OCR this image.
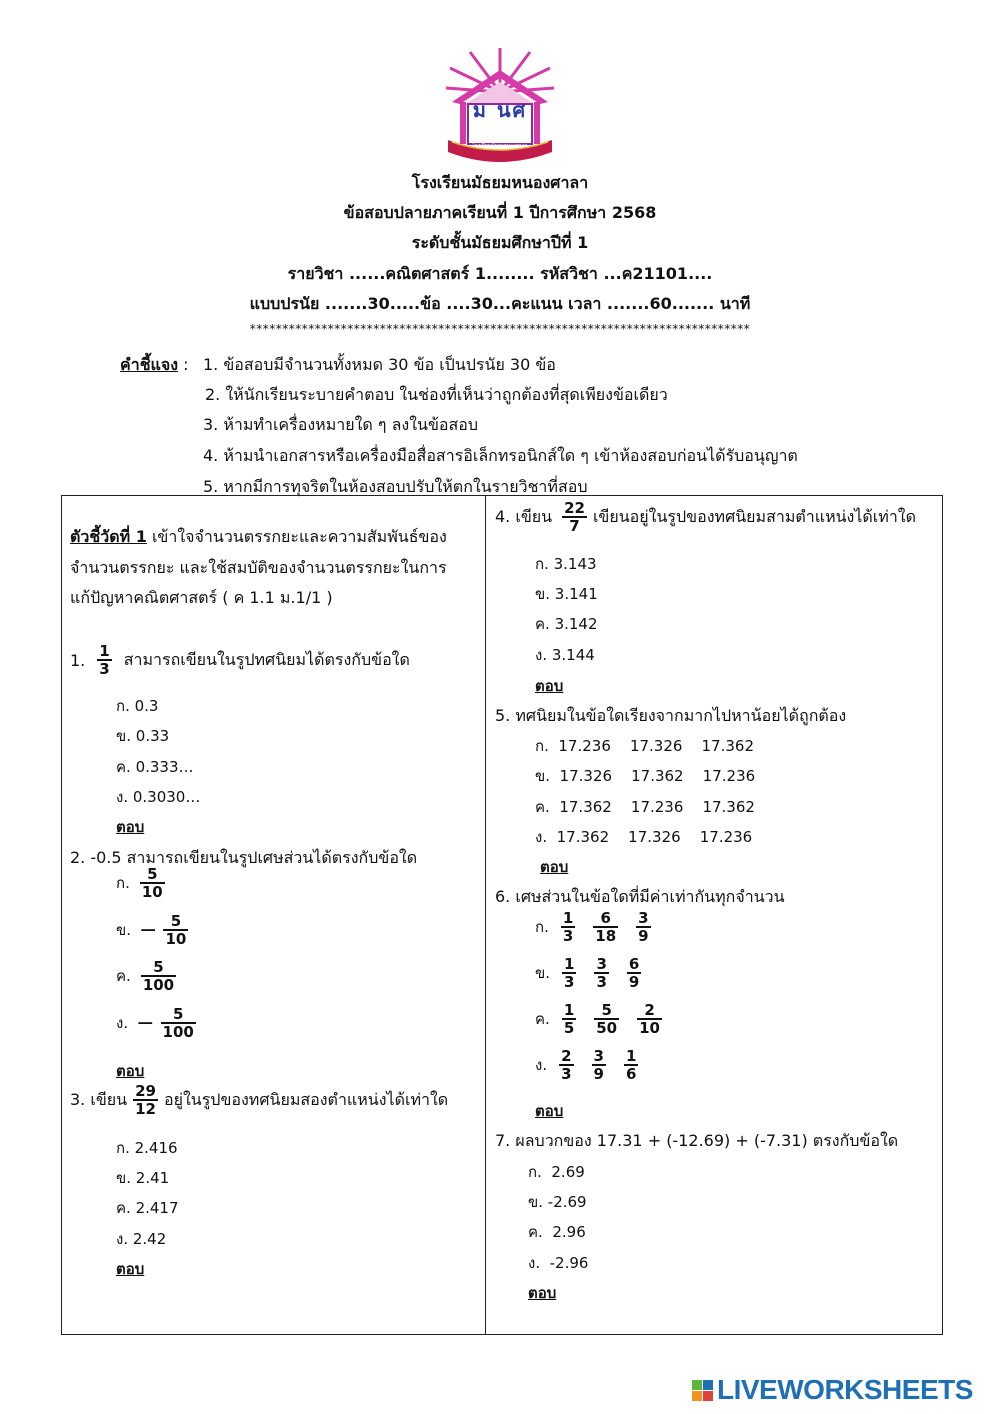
ม นศ
โรงเรียนมัธยมหนองศาลา
โรงเรียนมัธยมหนองศาลา
ข้อสอบปลายภาคเรียนที่ 1 ปีการศึกษา 2568
ระดับชั้นมัธยมศึกษาปีที่ 1
รายวิชา ......คณิตศาสตร์ 1........ รหัสวิชา ...ค21101....
แบบปรนัย .......30.....ข้อ ....30...คะแนน เวลา .......60....... นาที
*****************************************************************************
คำชี้แจง : 1. ข้อสอบมีจำนวนทั้งหมด 30 ข้อ เป็นปรนัย 30 ข้อ
2. ให้นักเรียนระบายคำตอบ ในช่องที่เห็นว่าถูกต้องที่สุดเพียงข้อเดียว
3. ห้ามทำเครื่องหมายใด ๆ ลงในข้อสอบ
4. ห้ามนำเอกสารหรือเครื่องมือสื่อสารอิเล็กทรอนิกส์ใด ๆ เข้าห้องสอบก่อนได้รับอนุญาต
5. หากมีการทุจริตในห้องสอบปรับให้ตกในรายวิชาที่สอบ
ตัวชี้วัดที่ 1 เข้าใจจำนวนตรรกยะและความสัมพันธ์ของ
จำนวนตรรกยะ และใช้สมบัติของจำนวนตรรกยะในการ
แก้ปัญหาคณิตศาสตร์ ( ค 1.1 ม.1/1 )
1. $\frac{1}{3}$ สามารถเขียนในรูปทศนิยมได้ตรงกับข้อใด
ก. 0.3
ข. 0.33
ค. 0.333…
ง. 0.3030…
ตอบ
2. -0.5 สามารถเขียนในรูปเศษส่วนได้ตรงกับข้อใด
ก. $\frac{5}{10}$
ข. − $\frac{5}{10}$
ค. $\frac{5}{100}$
ง. − $\frac{5}{100}$
ตอบ
3. เขียน $\frac{29}{12}$ อยู่ในรูปของทศนิยมสองตำแหน่งได้เท่าใด
ก. 2.416
ข. 2.41
ค. 2.417
ง. 2.42
ตอบ
4. เขียน $\frac{22}{7}$ เขียนอยู่ในรูปของทศนิยมสามตำแหน่งได้เท่าใด
ก. 3.143
ข. 3.141
ค. 3.142
ง. 3.144
ตอบ
5. ทศนิยมในข้อใดเรียงจากมากไปหาน้อยได้ถูกต้อง
ก.  17.236    17.326    17.362
ข.  17.326    17.362    17.236
ค.  17.362    17.236    17.362
ง.  17.362    17.326    17.236
ตอบ
6. เศษส่วนในข้อใดที่มีค่าเท่ากันทุกจำนวน
ก. $\frac{1}{3} \frac{6}{18} \frac{3}{9}$
ข. $\frac{1}{3} \frac{3}{3} \frac{6}{9}$
ค. $\frac{1}{5} \frac{5}{50} \frac{2}{10}$
ง. $\frac{2}{3} \frac{3}{9} \frac{1}{6}$
ตอบ
7. ผลบวกของ 17.31 + (-12.69) + (-7.31) ตรงกับข้อใด
ก.  2.69
ข. -2.69
ค.  2.96
ง.  -2.96
ตอบ
LIVEWORKSHEETS
